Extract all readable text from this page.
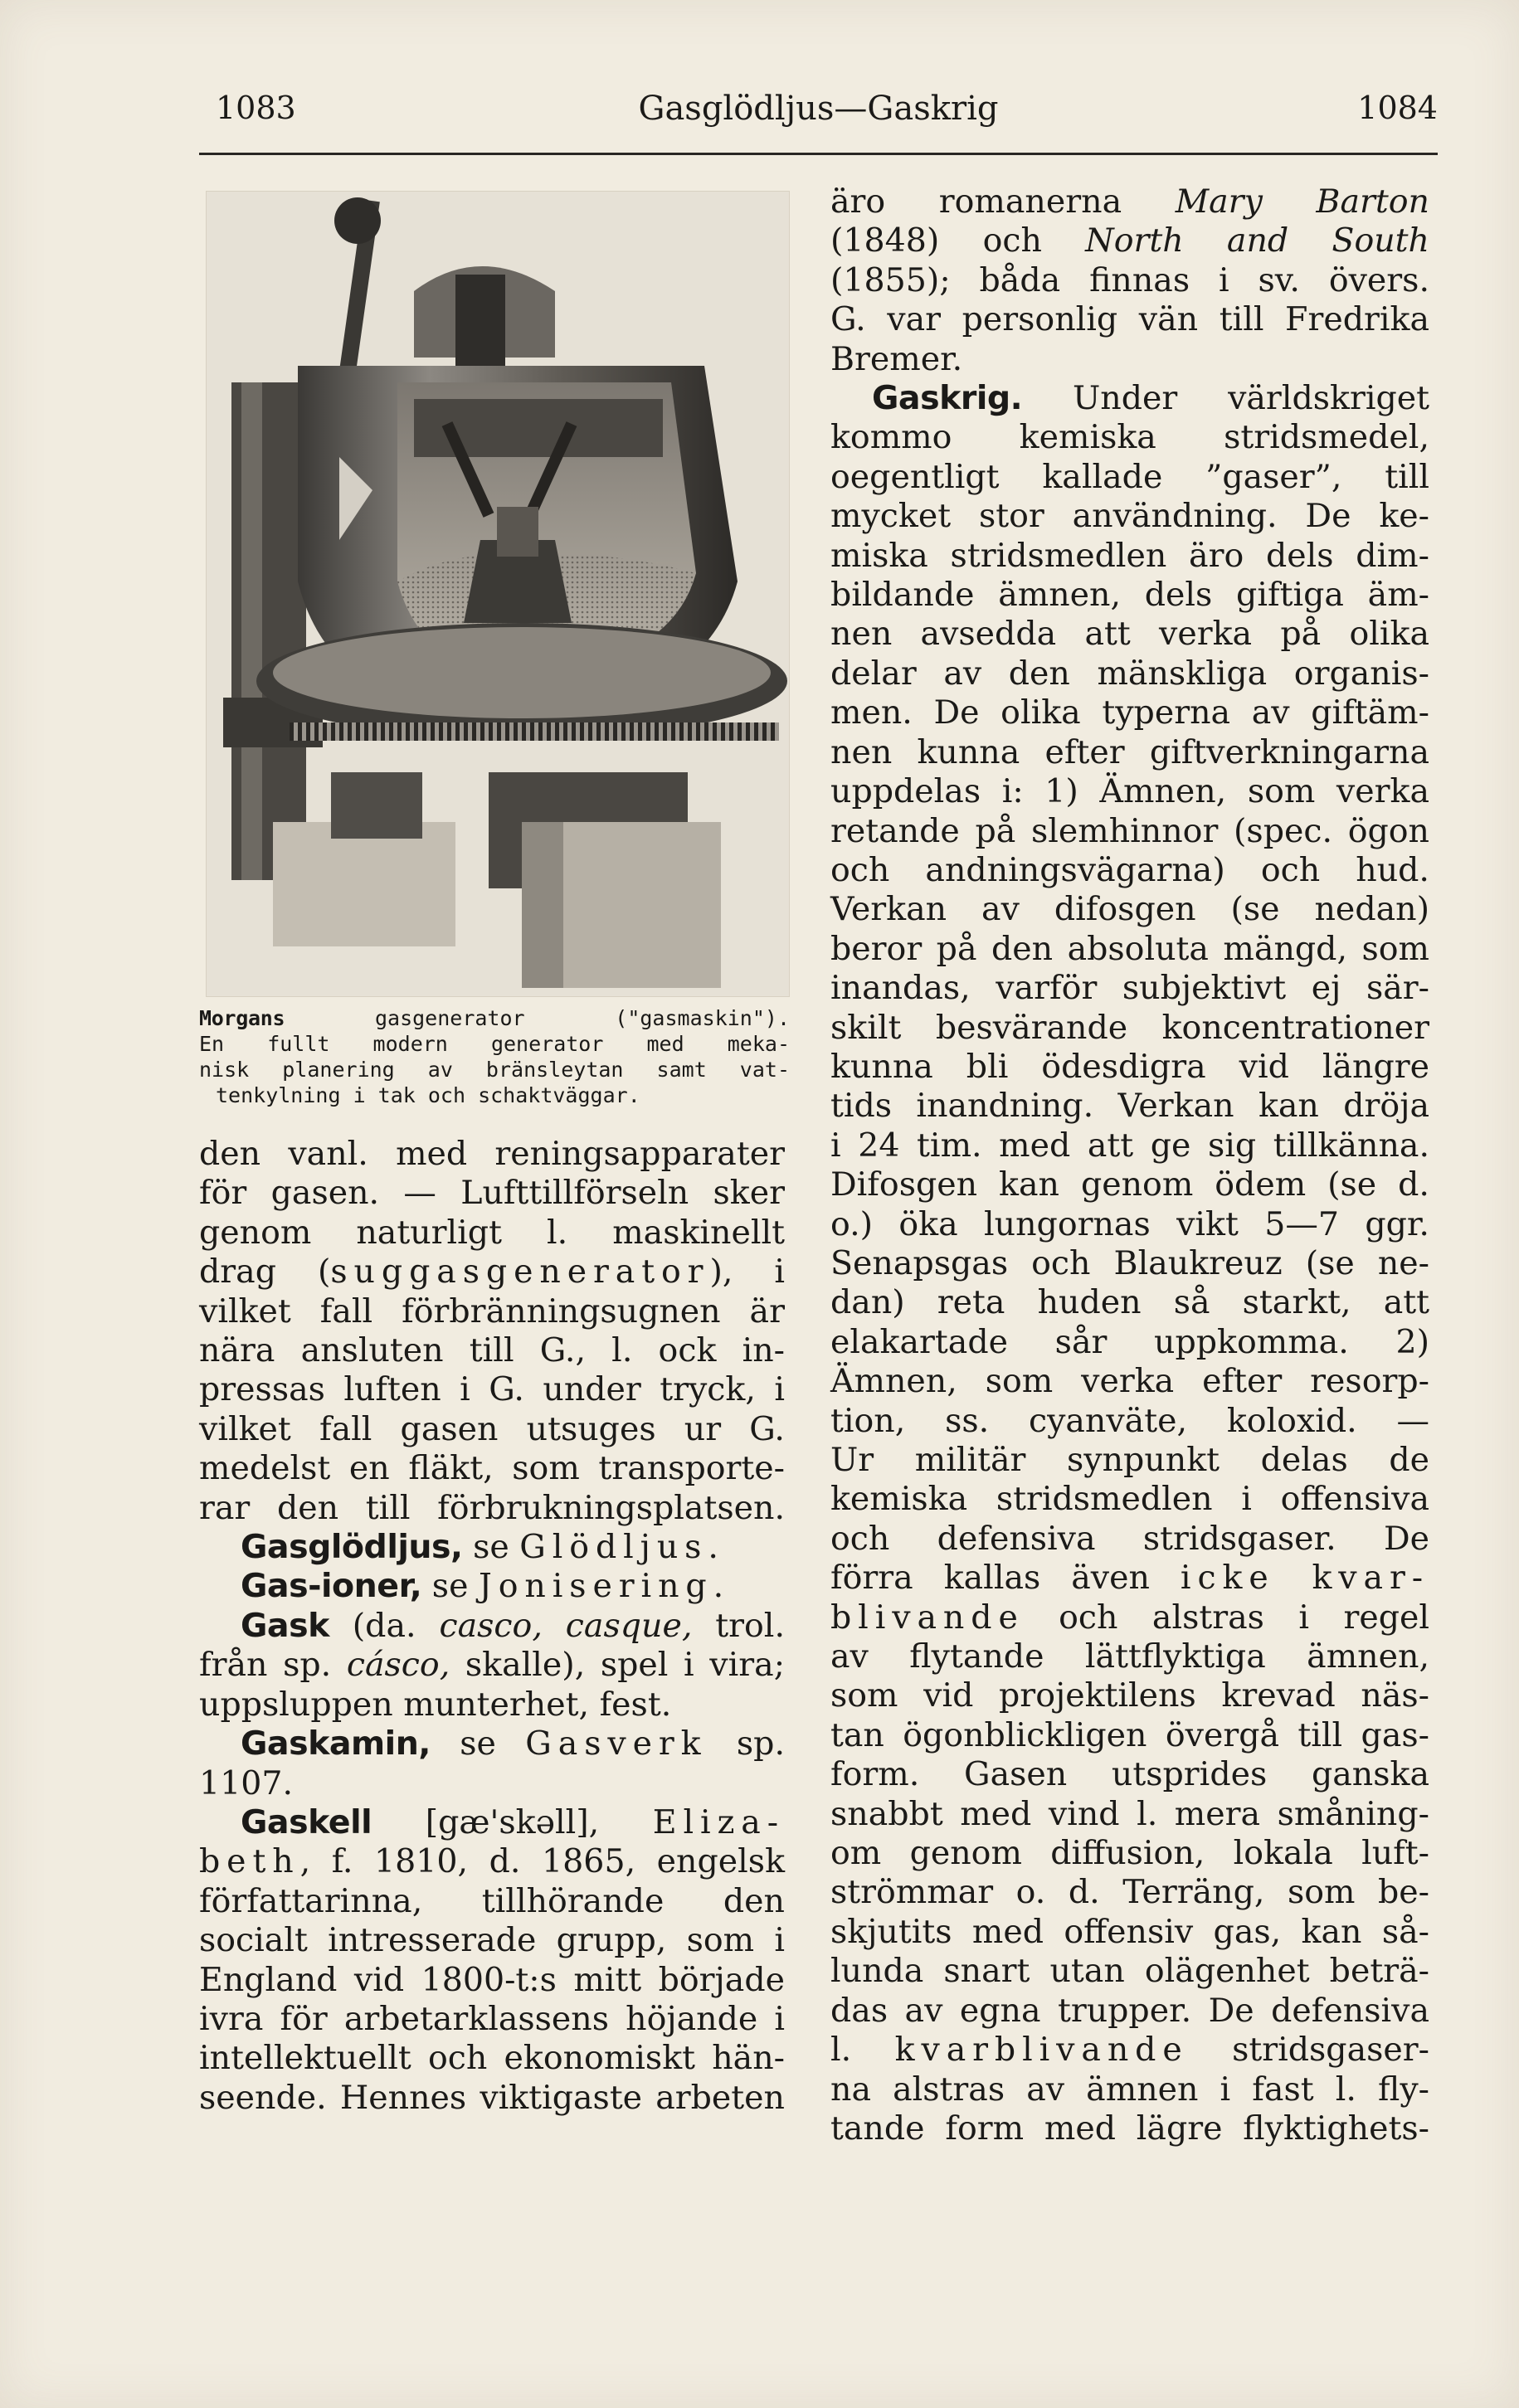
1083	Gasglödljus—Gaskrig	1084

Morgans gasgenerator ("gasmaskin").

En fullt modern generator med meka-

nisk planering av bränsleytan samt vat-

tenkylning i tak och schaktväggar.

den vanl. med reningsapparater

för gasen. — Lufttillförseln sker

genom naturligt l. maskinellt

drag (suggasgenerator), i

vilket fall förbränningsugnen är

nära ansluten till G., l. ock in-

pressas luften i G. under tryck, i

vilket fall gasen utsuges ur G.

medelst en fläkt, som transporte-

rar den till förbrukningsplatsen.

Gasglödljus, se Glödljus.

Gas-ioner, se Jonisering.

Gask (da. casco, casque, trol.

från sp. cásco, skalle), spel i vira;

uppsluppen munterhet, fest.

Gaskamin, se Gasverk sp.

1107.

Gaskell [gæ'skəll], Eliza-

beth, f. 1810, d. 1865, engelsk

författarinna, tillhörande den

socialt intresserade grupp, som i

England vid 1800-t:s mitt började

ivra för arbetarklassens höjande i

intellektuellt och ekonomiskt hän-

seende. Hennes viktigaste arbeten

äro romanerna Mary Barton

(1848) och North and South

(1855); båda finnas i sv. övers.

G. var personlig vän till Fredrika

Bremer.

Gaskrig. Under världskriget

kommo kemiska stridsmedel,

oegentligt kallade ”gaser”, till

mycket stor användning. De ke-

miska stridsmedlen äro dels dim-

bildande ämnen, dels giftiga äm-

nen avsedda att verka på olika

delar av den mänskliga organis-

men. De olika typerna av giftäm-

nen kunna efter giftverkningarna

uppdelas i: 1) Ämnen, som verka

retande på slemhinnor (spec. ögon

och andningsvägarna) och hud.

Verkan av difosgen (se nedan)

beror på den absoluta mängd, som

inandas, varför subjektivt ej sär-

skilt besvärande koncentrationer

kunna bli ödesdigra vid längre

tids inandning. Verkan kan dröja

i 24 tim. med att ge sig tillkänna.

Difosgen kan genom ödem (se d.

o.) öka lungornas vikt 5—7 ggr.

Senapsgas och Blaukreuz (se ne-

dan) reta huden så starkt, att

elakartade sår uppkomma. 2)

Ämnen, som verka efter resorp-

tion, ss. cyanväte, koloxid. —

Ur militär synpunkt delas de

kemiska stridsmedlen i offensiva

och defensiva stridsgaser. De

förra kallas även icke kvar-

blivande och alstras i regel

av flytande lättflyktiga ämnen,

som vid projektilens krevad näs-

tan ögonblickligen övergå till gas-

form. Gasen utsprides ganska

snabbt med vind l. mera småning-

om genom diffusion, lokala luft-

strömmar o. d. Terräng, som be-

skjutits med offensiv gas, kan så-

lunda snart utan olägenhet beträ-

das av egna trupper. De defensiva

l. kvarblivande stridsgaser-

na alstras av ämnen i fast l. fly-

tande form med lägre flyktighets-
